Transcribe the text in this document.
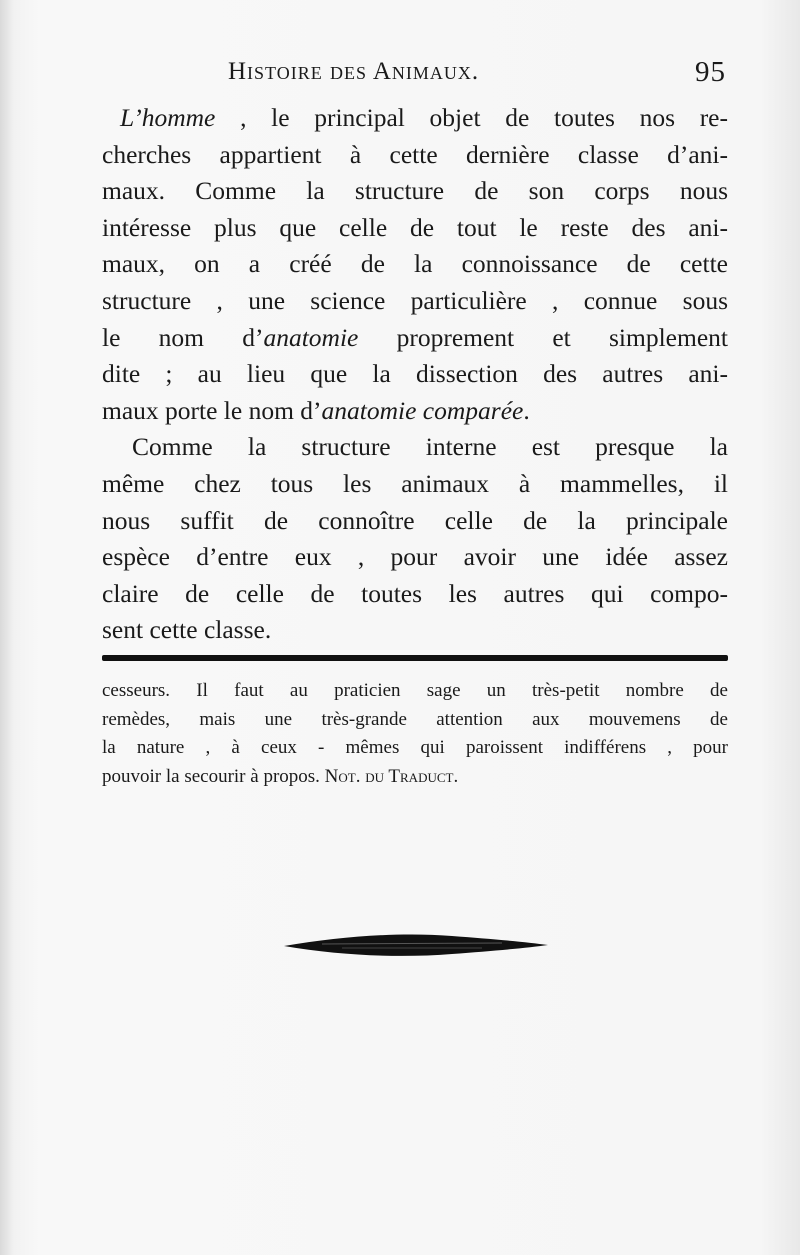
Histoire des Animaux.	95
L’homme , le principal objet de toutes nos re-
cherches appartient à cette dernière classe d’ani-
maux. Comme la structure de son corps nous
intéresse plus que celle de tout le reste des ani-
maux, on a créé de la connoissance de cette
structure , une science particulière , connue sous
le nom d’anatomie proprement et simplement
dite ; au lieu que la dissection des autres ani-
maux porte le nom d’anatomie comparée.
Comme la structure interne est presque la
même chez tous les animaux à mammelles, il
nous suffit de connoître celle de la principale
espèce d’entre eux , pour avoir une idée assez
claire de celle de toutes les autres qui compo-
sent cette classe.
cesseurs. Il faut au praticien sage un très-petit nombre de
remèdes, mais une très-grande attention aux mouvemens de
la nature , à ceux - mêmes qui paroissent indifférens , pour
pouvoir la secourir à propos. Not. du Traduct.
